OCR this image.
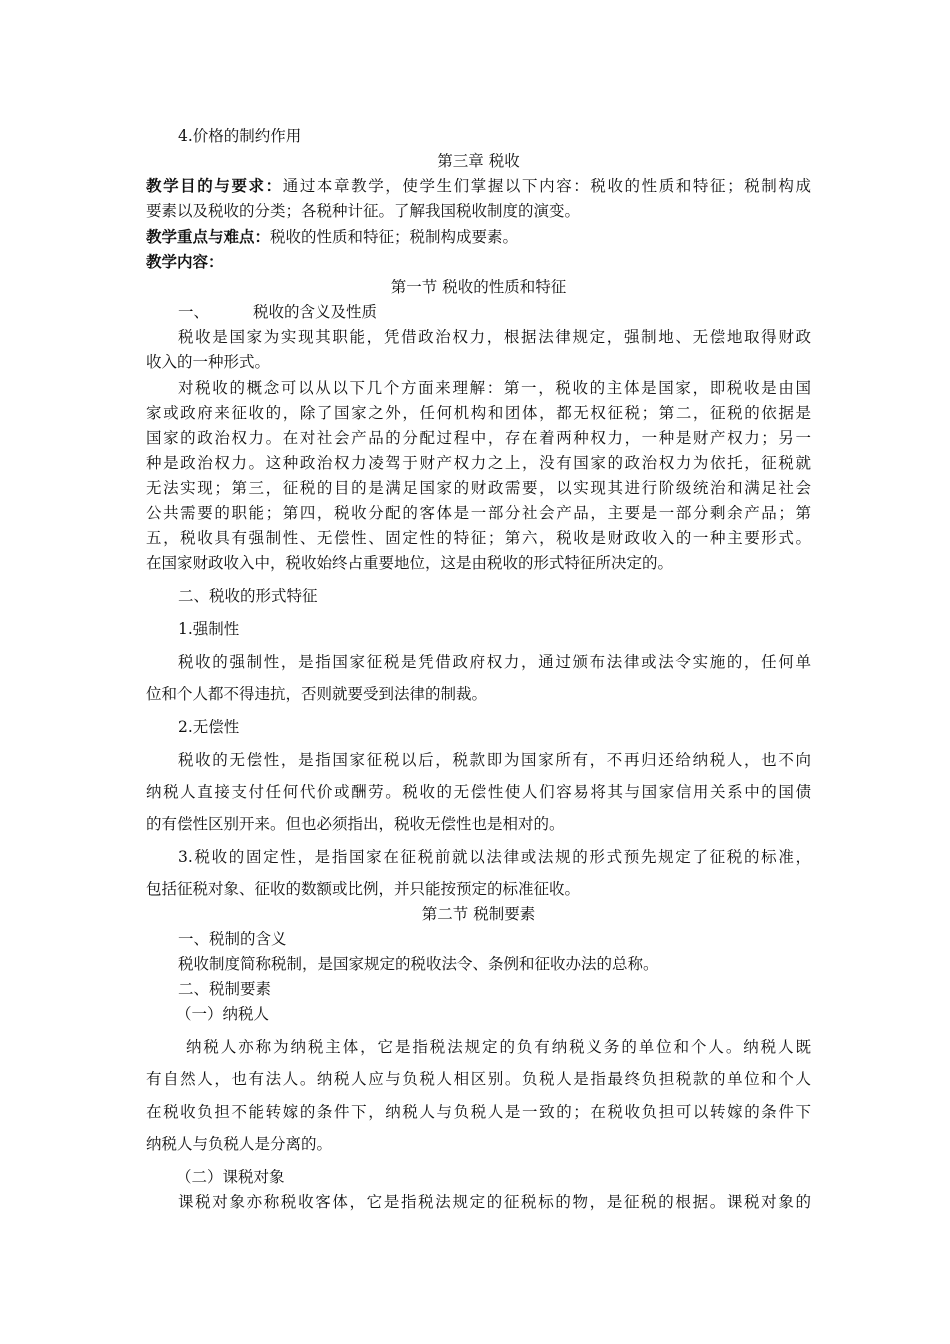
4.价格的制约作用
第三章 税收
教学目的与要求：通过本章教学，使学生们掌握以下内容：税收的性质和特征；税制构成
要素以及税收的分类；各税种计征。了解我国税收制度的演变。
教学重点与难点：税收的性质和特征；税制构成要素。
教学内容：
第一节 税收的性质和特征
一、	税收的含义及性质
税收是国家为实现其职能，凭借政治权力，根据法律规定，强制地、无偿地取得财政
收入的一种形式。
对税收的概念可以从以下几个方面来理解：第一，税收的主体是国家，即税收是由国
家或政府来征收的，除了国家之外，任何机构和团体，都无权征税；第二，征税的依据是
国家的政治权力。在对社会产品的分配过程中，存在着两种权力，一种是财产权力；另一
种是政治权力。这种政治权力凌驾于财产权力之上，没有国家的政治权力为依托，征税就
无法实现；第三，征税的目的是满足国家的财政需要，以实现其进行阶级统治和满足社会
公共需要的职能；第四，税收分配的客体是一部分社会产品，主要是一部分剩余产品；第
五，税收具有强制性、无偿性、固定性的特征；第六，税收是财政收入的一种主要形式。
在国家财政收入中，税收始终占重要地位，这是由税收的形式特征所决定的。
二、税收的形式特征
1.强制性
税收的强制性，是指国家征税是凭借政府权力，通过颁布法律或法令实施的，任何单
位和个人都不得违抗，否则就要受到法律的制裁。
2.无偿性
税收的无偿性，是指国家征税以后，税款即为国家所有，不再归还给纳税人，也不向
纳税人直接支付任何代价或酬劳。税收的无偿性使人们容易将其与国家信用关系中的国债
的有偿性区别开来。但也必须指出，税收无偿性也是相对的。
3.税收的固定性，是指国家在征税前就以法律或法规的形式预先规定了征税的标准，
包括征税对象、征收的数额或比例，并只能按预定的标准征收。
第二节 税制要素
一、税制的含义
税收制度简称税制，是国家规定的税收法令、条例和征收办法的总称。
二、税制要素
（一）纳税人
纳税人亦称为纳税主体，它是指税法规定的负有纳税义务的单位和个人。纳税人既
有自然人，也有法人。纳税人应与负税人相区别。负税人是指最终负担税款的单位和个人
在税收负担不能转嫁的条件下，纳税人与负税人是一致的；在税收负担可以转嫁的条件下
纳税人与负税人是分离的。
（二）课税对象
课税对象亦称税收客体，它是指税法规定的征税标的物，是征税的根据。课税对象的
